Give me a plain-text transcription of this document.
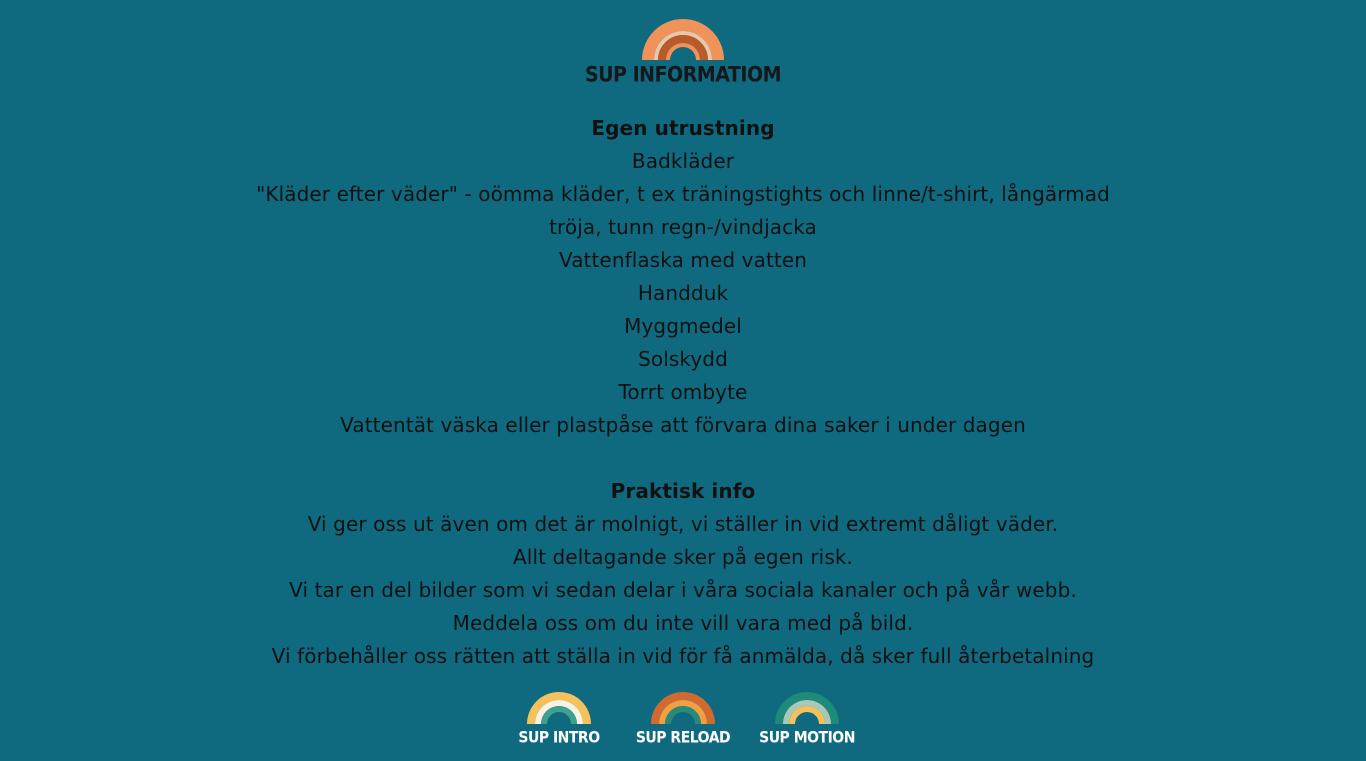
SUP INFORMATIOM
Egen utrustning
Badkläder
"Kläder efter väder" - oömma kläder, t ex träningstights och linne/t-shirt, långärmad
tröja, tunn regn-/vindjacka
Vattenflaska med vatten
Handduk
Myggmedel
Solskydd
Torrt ombyte
Vattentät väska eller plastpåse att förvara dina saker i under dagen
Praktisk info
Vi ger oss ut även om det är molnigt, vi ställer in vid extremt dåligt väder.
Allt deltagande sker på egen risk.
Vi tar en del bilder som vi sedan delar i våra sociala kanaler och på vår webb.
Meddela oss om du inte vill vara med på bild.
Vi förbehåller oss rätten att ställa in vid för få anmälda, då sker full återbetalning
SUP INTRO	SUP RELOAD SUP MOTION
